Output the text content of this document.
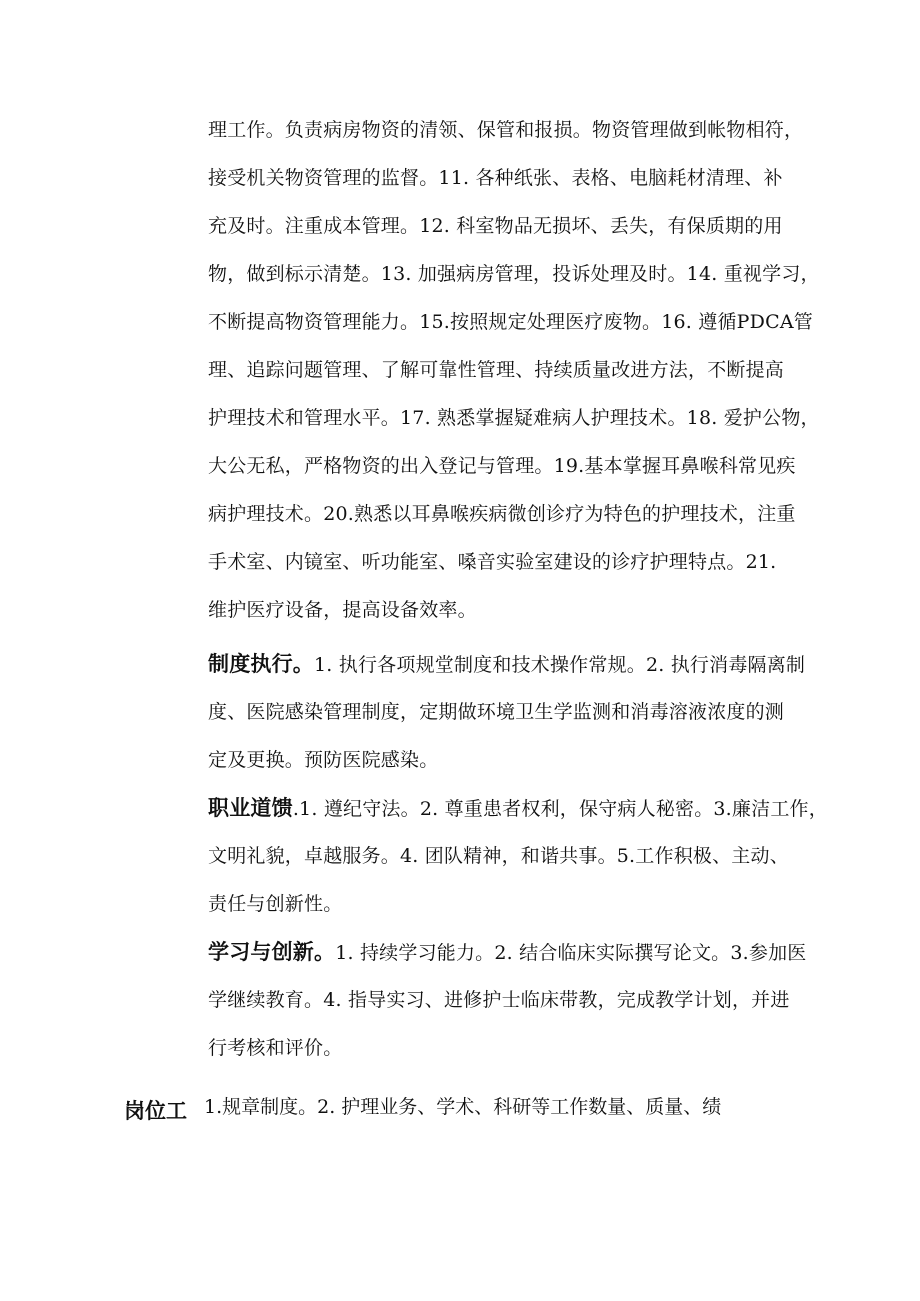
理工作。负责病房物资的清领、保管和报损。物资管理做到帐物相符，
接受机关物资管理的监督。11. 各种纸张、表格、电脑耗材清理、补
充及时。注重成本管理。12. 科室物品无损坏、丢失，有保质期的用
物，做到标示清楚。13. 加强病房管理，投诉处理及时。14. 重视学习，
不断提高物资管理能力。15.按照规定处理医疗废物。16. 遵循PDCA管
理、追踪问题管理、了解可靠性管理、持续质量改进方法，不断提高
护理技术和管理水平。17. 熟悉掌握疑难病人护理技术。18. 爱护公物，
大公无私，严格物资的出入登记与管理。19.基本掌握耳鼻喉科常见疾
病护理技术。20.熟悉以耳鼻喉疾病微创诊疗为特色的护理技术，注重
手术室、内镜室、听功能室、嗓音实验室建设的诊疗护理特点。21.
维护医疗设备，提高设备效率。
制度执行。1. 执行各项规堂制度和技术操作常规。2. 执行消毒隔离制
度、医院感染管理制度，定期做环境卫生学监测和消毒溶液浓度的测
定及更换。预防医院感染。
职业道馈.1. 遵纪守法。2. 尊重患者权利，保守病人秘密。3.廉洁工作，
文明礼貌，卓越服务。4. 团队精神，和谐共事。5.工作积极、主动、
责任与创新性。
学习与创新。1. 持续学习能力。2. 结合临床实际撰写论文。3.参加医
学继续教育。4. 指导实习、进修护士临床带教，完成教学计划，并进
行考核和评价。
岗位工 1.规章制度。2. 护理业务、学术、科研等工作数量、质量、绩
